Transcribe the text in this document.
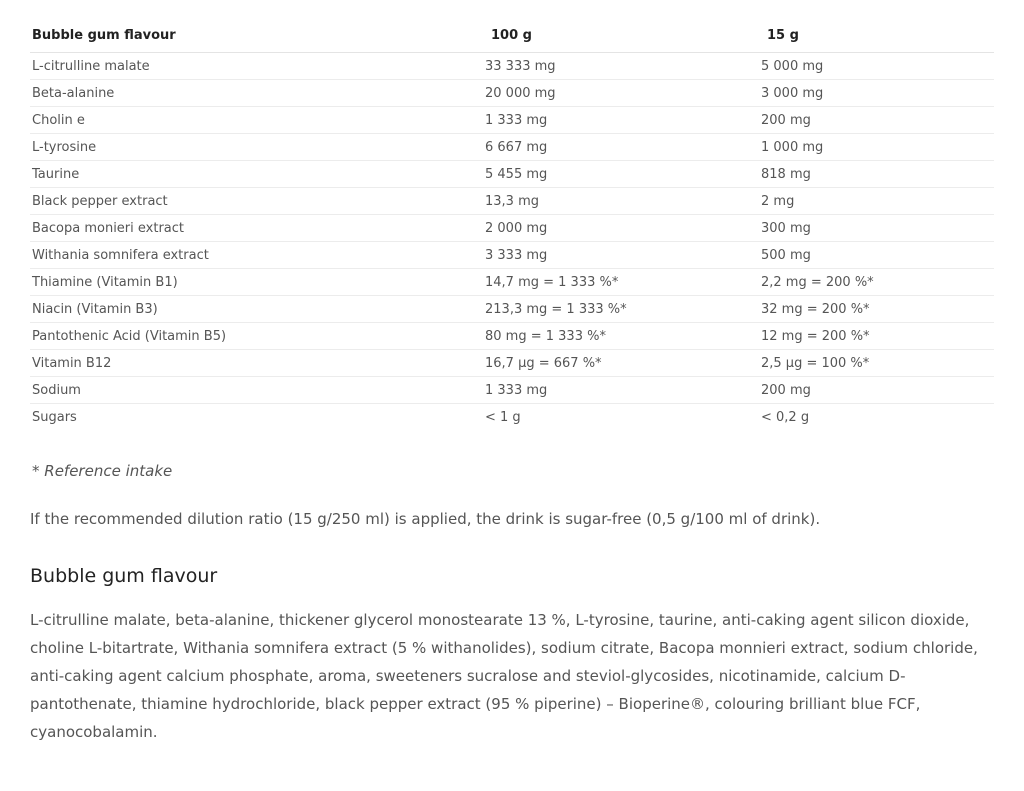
Bubble gum flavour	100 g	15 g
L-citrulline malate	33 333 mg	5 000 mg
Beta-alanine	20 000 mg	3 000 mg
Cholin e	1 333 mg	200 mg
L-tyrosine	6 667 mg	1 000 mg
Taurine	5 455 mg	818 mg
Black pepper extract	13,3 mg	2 mg
Bacopa monieri extract	2 000 mg	300 mg
Withania somnifera extract	3 333 mg	500 mg
Thiamine (Vitamin B1)	14,7 mg = 1 333 %*	2,2 mg = 200 %*
Niacin (Vitamin B3)	213,3 mg = 1 333 %*	32 mg = 200 %*
Pantothenic Acid (Vitamin B5)	80 mg = 1 333 %*	12 mg = 200 %*
Vitamin B12	16,7 µg = 667 %*	2,5 µg = 100 %*
Sodium	1 333 mg	200 mg
Sugars	< 1 g	< 0,2 g

* Reference intake

If the recommended dilution ratio (15 g/250 ml) is applied, the drink is sugar-free (0,5 g/100 ml of drink).

Bubble gum flavour

L-citrulline malate, beta-alanine, thickener glycerol monostearate 13 %, L-tyrosine, taurine, anti-caking agent silicon dioxide, choline L-bitartrate, Withania somnifera extract (5 % withanolides), sodium citrate, Bacopa monnieri extract, sodium chloride, anti-caking agent calcium phosphate, aroma, sweeteners sucralose and steviol-glycosides, nicotinamide, calcium D-pantothenate, thiamine hydrochloride, black pepper extract (95 % piperine) – Bioperine®, colouring brilliant blue FCF, cyanocobalamin.
